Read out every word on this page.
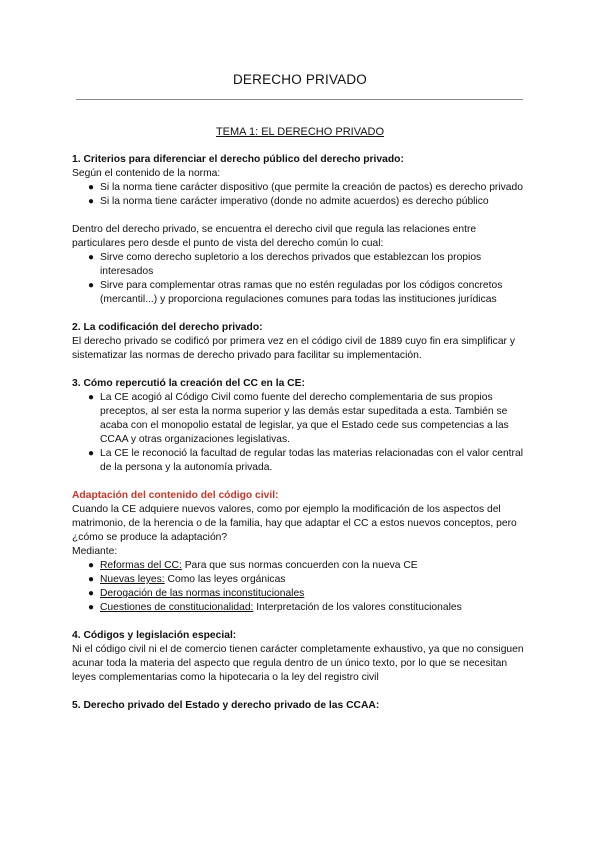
DERECHO PRIVADO
TEMA 1: EL DERECHO PRIVADO

1. Criterios para diferenciar el derecho público del derecho privado:

Según el contenido de la norma:

● Si la norma tiene carácter dispositivo (que permite la creación de pactos) es derecho privado
● Si la norma tiene carácter imperativo (donde no admite acuerdos) es derecho público

Dentro del derecho privado, se encuentra el derecho civil que regula las relaciones entre particulares pero desde el punto de vista del derecho común lo cual:

● Sirve como derecho supletorio a los derechos privados que establezcan los propios interesados
● Sirve para complementar otras ramas que no estén reguladas por los códigos concretos (mercantil...) y proporciona regulaciones comunes para todas las instituciones jurídicas

2. La codificación del derecho privado:

El derecho privado se codificó por primera vez en el código civil de 1889 cuyo fin era simplificar y sistematizar las normas de derecho privado para facilitar su implementación.

3. Cómo repercutió la creación del CC en la CE:

● La CE acogió al Código Civil como fuente del derecho complementaria de sus propios preceptos, al ser esta la norma superior y las demás estar supeditada a esta. También se acaba con el monopolio estatal de legislar, ya que el Estado cede sus competencias a las CCAA y otras organizaciones legislativas.
● La CE le reconoció la facultad de regular todas las materias relacionadas con el valor central de la persona y la autonomía privada.

Adaptación del contenido del código civil:

Cuando la CE adquiere nuevos valores, como por ejemplo la modificación de los aspectos del matrimonio, de la herencia o de la familia, hay que adaptar el CC a estos nuevos conceptos, pero ¿cómo se produce la adaptación?

Mediante:

● Reformas del CC: Para que sus normas concuerden con la nueva CE
● Nuevas leyes: Como las leyes orgánicas
● Derogación de las normas inconstitucionales
● Cuestiones de constitucionalidad: Interpretación de los valores constitucionales

4. Códigos y legislación especial:

Ni el código civil ni el de comercio tienen carácter completamente exhaustivo, ya que no consiguen acunar toda la materia del aspecto que regula dentro de un único texto, por lo que se necesitan leyes complementarias como la hipotecaria o la ley del registro civil

5. Derecho privado del Estado y derecho privado de las CCAA:
